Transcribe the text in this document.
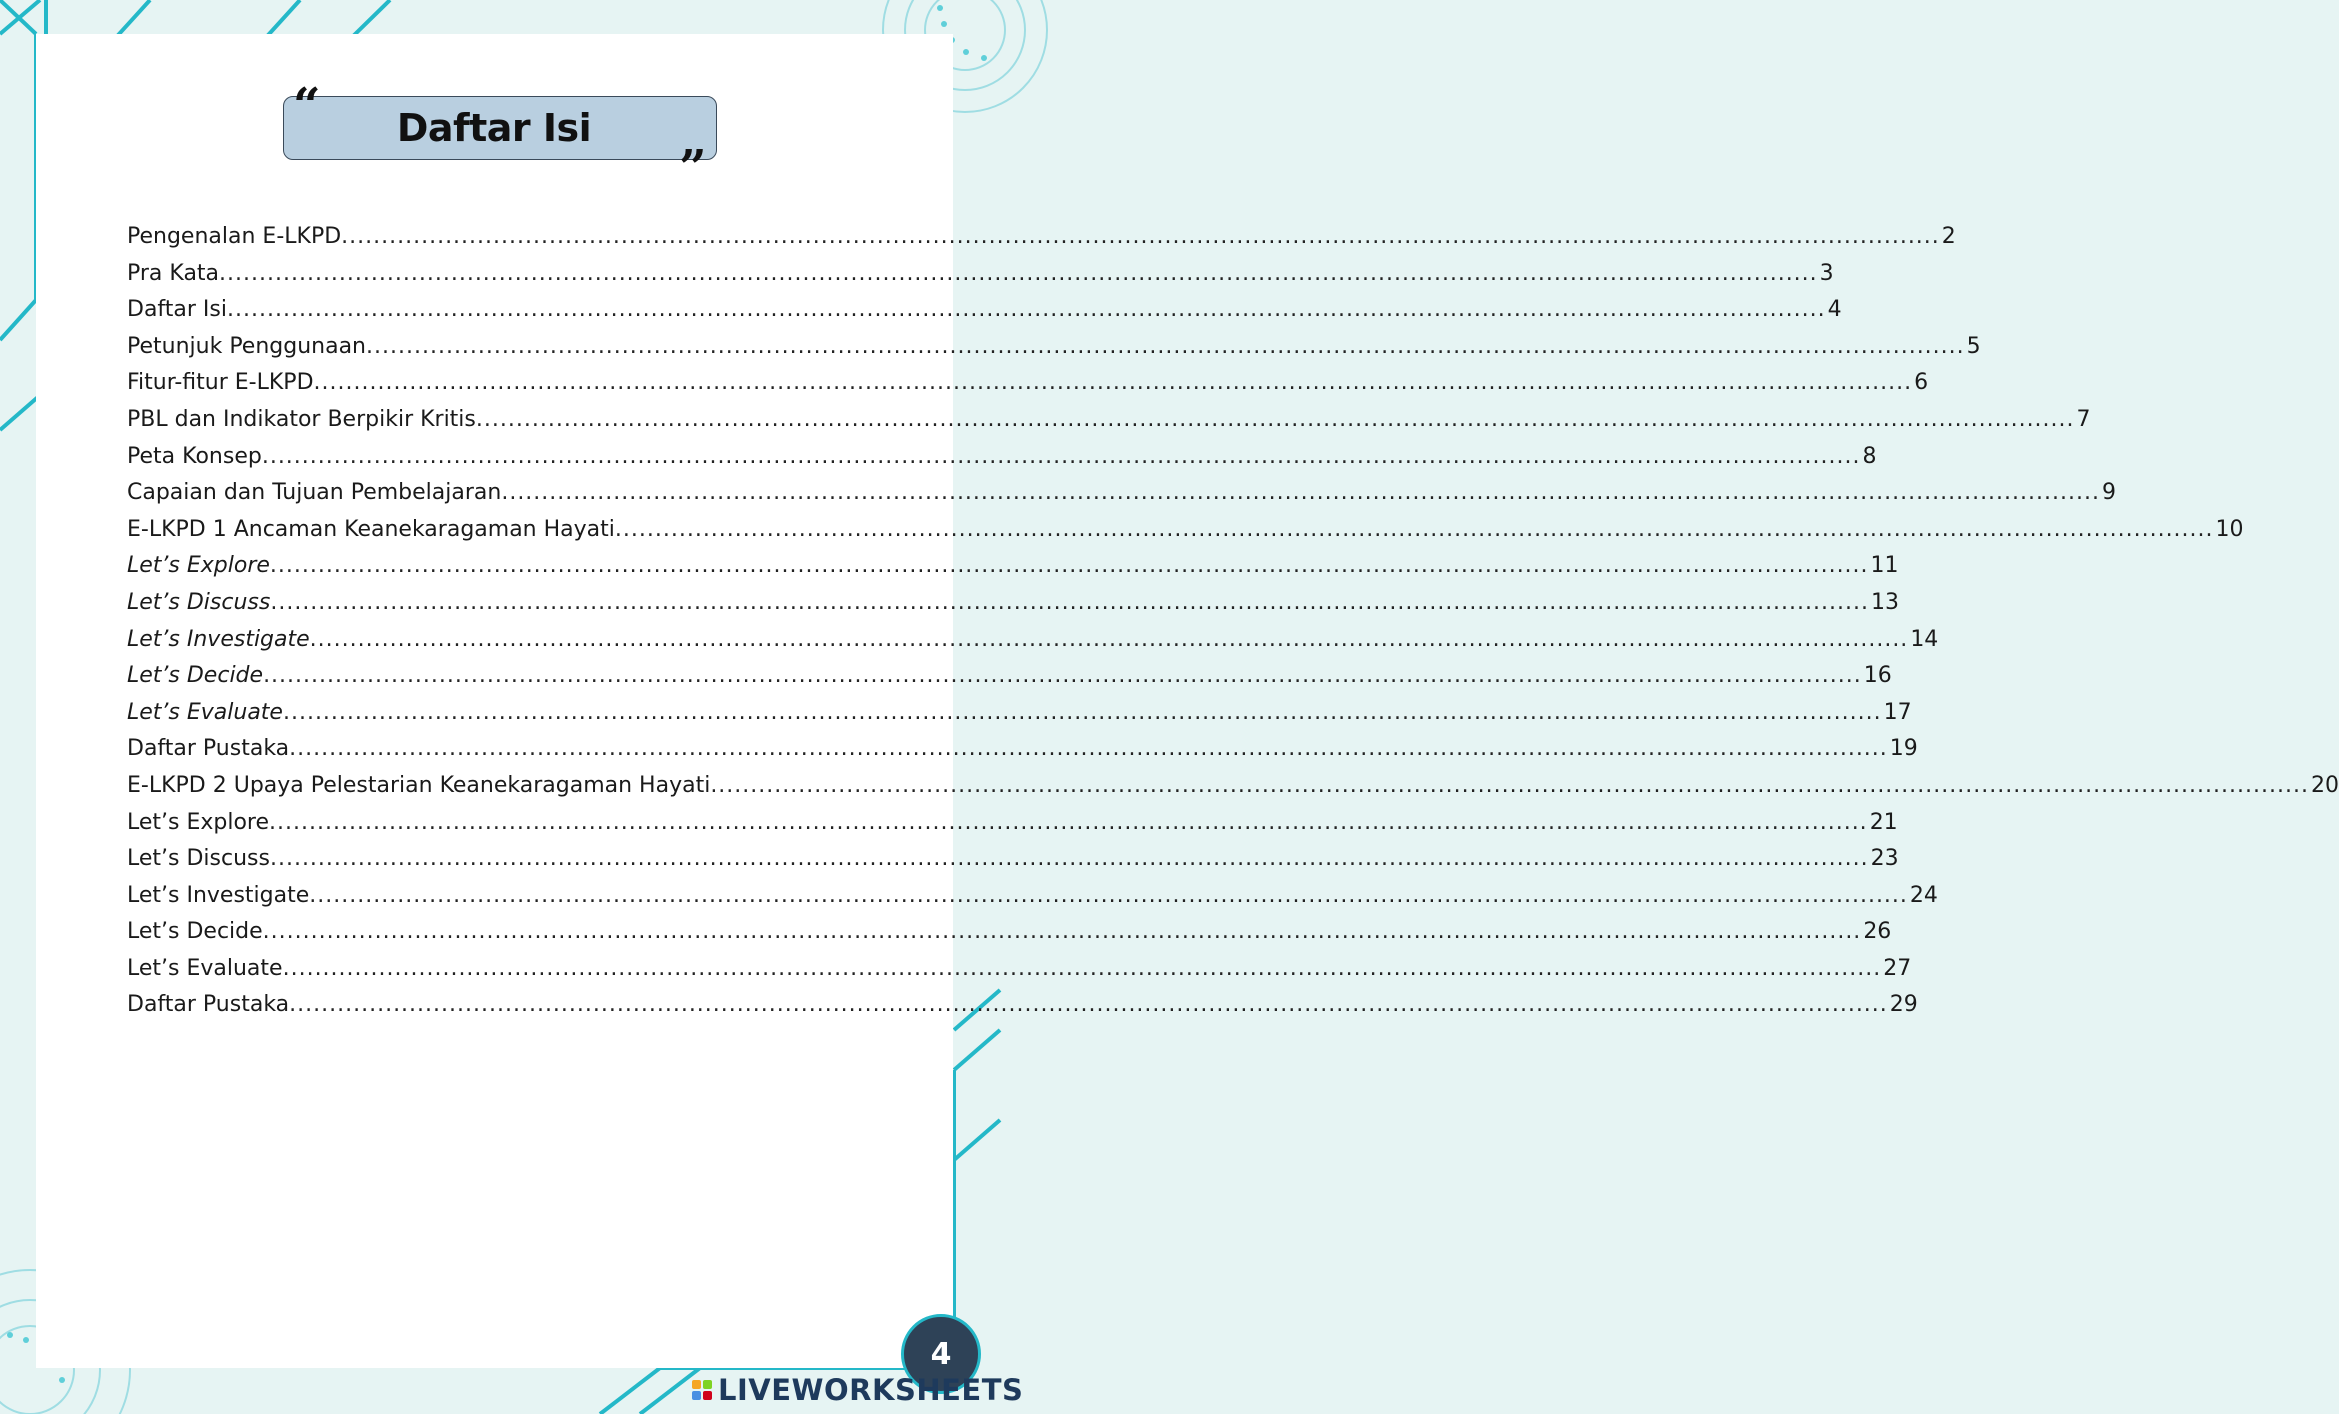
Daftar Isi
“
”
Pengenalan E-LKPD ........................................................................................................................................................................................................ 2
Pra Kata ........................................................................................................................................................................................................ 3
Daftar Isi ........................................................................................................................................................................................................ 4
Petunjuk Penggunaan ........................................................................................................................................................................................................ 5
Fitur-fitur E-LKPD ........................................................................................................................................................................................................ 6
PBL dan Indikator Berpikir Kritis ........................................................................................................................................................................................................ 7
Peta Konsep ........................................................................................................................................................................................................ 8
Capaian dan Tujuan Pembelajaran ........................................................................................................................................................................................................ 9
E-LKPD 1 Ancaman Keanekaragaman Hayati ........................................................................................................................................................................................................ 10
Let’s Explore ........................................................................................................................................................................................................ 11
Let’s Discuss ........................................................................................................................................................................................................ 13
Let’s Investigate ........................................................................................................................................................................................................ 14
Let’s Decide ........................................................................................................................................................................................................ 16
Let’s Evaluate ........................................................................................................................................................................................................ 17
Daftar Pustaka ........................................................................................................................................................................................................ 19
E-LKPD 2 Upaya Pelestarian Keanekaragaman Hayati ........................................................................................................................................................................................................ 20
Let’s Explore ........................................................................................................................................................................................................ 21
Let’s Discuss ........................................................................................................................................................................................................ 23
Let’s Investigate ........................................................................................................................................................................................................ 24
Let’s Decide ........................................................................................................................................................................................................ 26
Let’s Evaluate ........................................................................................................................................................................................................ 27
Daftar Pustaka ........................................................................................................................................................................................................ 29
4
LIVEWORKSHEETS
